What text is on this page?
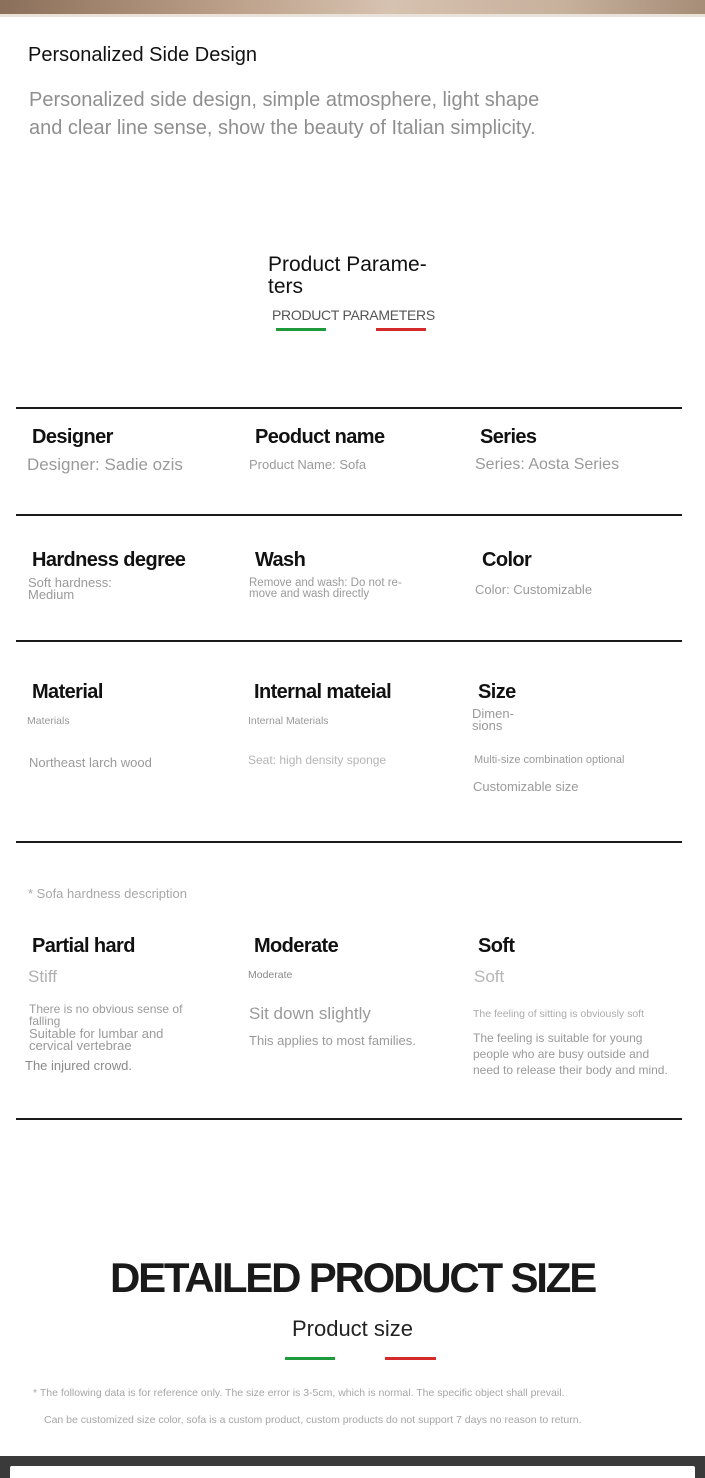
Personalized Side Design
Personalized side design, simple atmosphere, light shape
and clear line sense, show the beauty of Italian simplicity.
Product Parame-
ters
PRODUCT PARAMETERS
Designer
Designer: Sadie ozis
Peoduct name
Product Name: Sofa
Series
Series: Aosta Series
Hardness degree
Soft hardness:
Medium
Wash
Remove and wash: Do not re-
move and wash directly
Color
Color: Customizable
Material
Materials
Northeast larch wood
Internal mateial
Internal Materials
Seat: high density sponge
Size
Dimen-
sions
Multi-size combination optional
Customizable size
* Sofa hardness description
Partial hard
Stiff
There is no obvious sense of
falling
Suitable for lumbar and
cervical vertebrae
The injured crowd.
Moderate
Moderate
Sit down slightly
This applies to most families.
Soft
Soft
The feeling of sitting is obviously soft
The feeling is suitable for young
people who are busy outside and
need to release their body and mind.
DETAILED PRODUCT SIZE
Product size
* The following data is for reference only. The size error is 3-5cm, which is normal. The specific object shall prevail.
Can be customized size color, sofa is a custom product, custom products do not support 7 days no reason to return.
